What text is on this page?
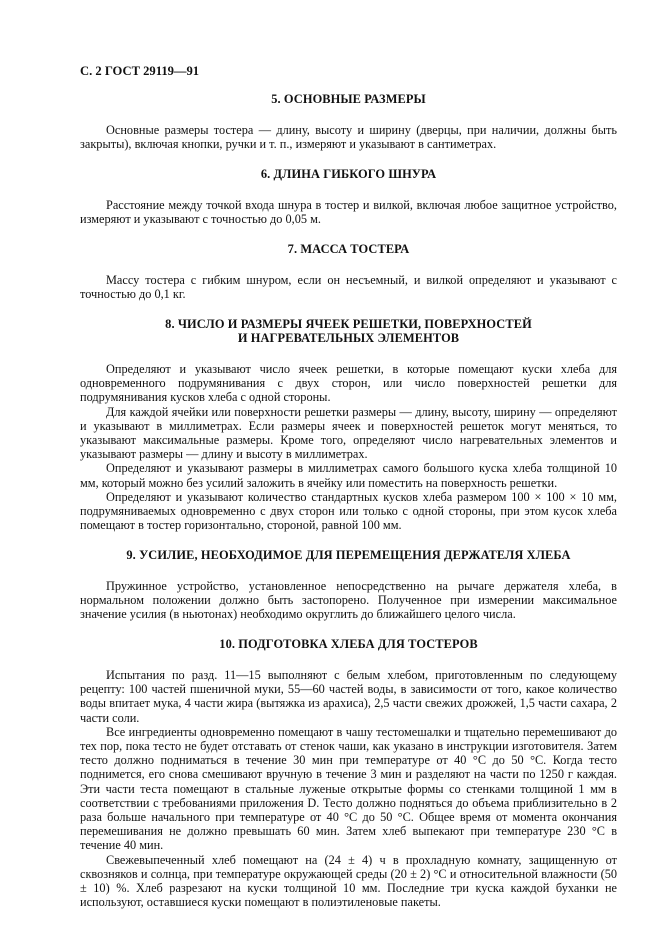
С. 2 ГОСТ 29119—91
5. ОСНОВНЫЕ РАЗМЕРЫ

Основные размеры тостера — длину, высоту и ширину (дверцы, при наличии, должны быть закрыты), включая кнопки, ручки и т. п., измеряют и указывают в сантиметрах.

6. ДЛИНА ГИБКОГО ШНУРА

Расстояние между точкой входа шнура в тостер и вилкой, включая любое защитное устройство, измеряют и указывают с точностью до 0,05 м.

7. МАССА ТОСТЕРА

Массу тостера с гибким шнуром, если он несъемный, и вилкой определяют и указывают с точностью до 0,1 кг.

8. ЧИСЛО И РАЗМЕРЫ ЯЧЕЕК РЕШЕТКИ, ПОВЕРХНОСТЕЙ
И НАГРЕВАТЕЛЬНЫХ ЭЛЕМЕНТОВ

Определяют и указывают число ячеек решетки, в которые помещают куски хлеба для одновременного подрумянивания с двух сторон, или число поверхностей решетки для подрумянивания кусков хлеба с одной стороны.

Для каждой ячейки или поверхности решетки размеры — длину, высоту, ширину — определяют и указывают в миллиметрах. Если размеры ячеек и поверхностей решеток могут меняться, то указывают максимальные размеры. Кроме того, определяют число нагревательных элементов и указывают размеры — длину и высоту в миллиметрах.

Определяют и указывают размеры в миллиметрах самого большого куска хлеба толщиной 10 мм, который можно без усилий заложить в ячейку или поместить на поверхность решетки.

Определяют и указывают количество стандартных кусков хлеба размером 100 × 100 × 10 мм, подрумяниваемых одновременно с двух сторон или только с одной стороны, при этом кусок хлеба помещают в тостер горизонтально, стороной, равной 100 мм.

9. УСИЛИЕ, НЕОБХОДИМОЕ ДЛЯ ПЕРЕМЕЩЕНИЯ ДЕРЖАТЕЛЯ ХЛЕБА

Пружинное устройство, установленное непосредственно на рычаге держателя хлеба, в нормальном положении должно быть застопорено. Полученное при измерении максимальное значение усилия (в ньютонах) необходимо округлить до ближайшего целого числа.

10. ПОДГОТОВКА ХЛЕБА ДЛЯ ТОСТЕРОВ

Испытания по разд. 11—15 выполняют с белым хлебом, приготовленным по следующему рецепту: 100 частей пшеничной муки, 55—60 частей воды, в зависимости от того, какое количество воды впитает мука, 4 части жира (вытяжка из арахиса), 2,5 части свежих дрожжей, 1,5 части сахара, 2 части соли.

Все ингредиенты одновременно помещают в чашу тестомешалки и тщательно перемешивают до тех пор, пока тесто не будет отставать от стенок чаши, как указано в инструкции изготовителя. Затем тесто должно подниматься в течение 30 мин при температуре от 40 °С до 50 °С. Когда тесто поднимется, его снова смешивают вручную в течение 3 мин и разделяют на части по 1250 г каждая. Эти части теста помещают в стальные луженые открытые формы со стенками толщиной 1 мм в соответствии с требованиями приложения D. Тесто должно подняться до объема приблизительно в 2 раза больше начального при температуре от 40 °С до 50 °С. Общее время от момента окончания перемешивания не должно превышать 60 мин. Затем хлеб выпекают при температуре 230 °С в течение 40 мин.

Свежевыпеченный хлеб помещают на (24 ± 4) ч в прохладную комнату, защищенную от сквозняков и солнца, при температуре окружающей среды (20 ± 2) °С и относительной влажности (50 ± 10) %. Хлеб разрезают на куски толщиной 10 мм. Последние три куска каждой буханки не используют, оставшиеся куски помещают в полиэтиленовые пакеты.
